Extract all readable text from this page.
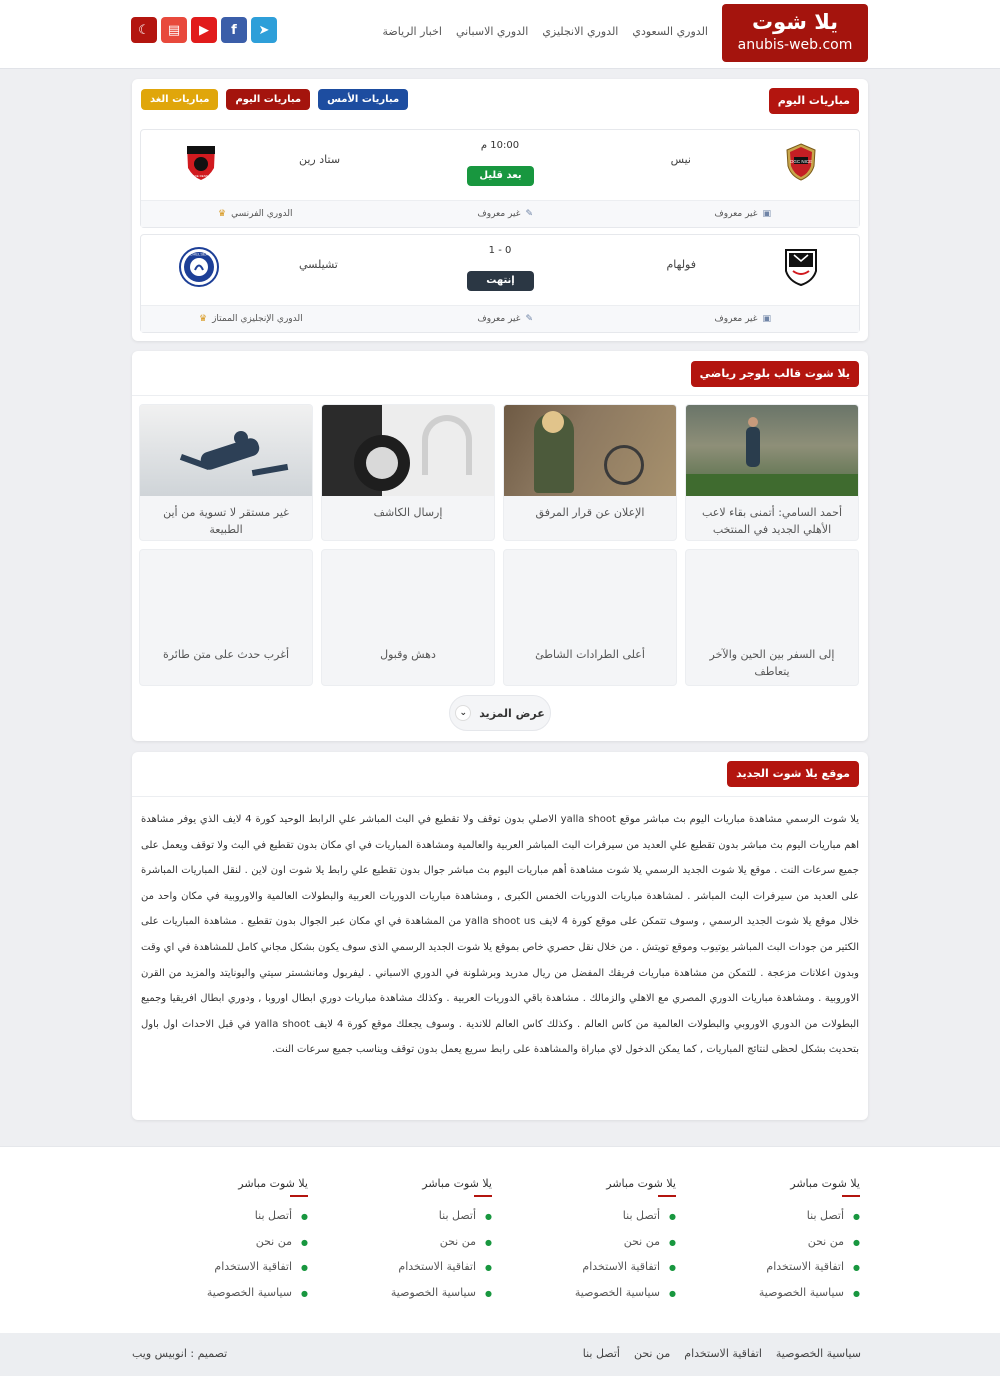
يلا شوت
anubis-web.com
الدوري السعودي
الدوري الانجليزي
الدوري الاسباني
اخبار الرياضة
☾	▤	▶	f	➤
مباريات اليوم
مباريات الغد	مباريات اليوم	مباريات الأمس
OGC NICE
نيس
10:00 م
بعد قليل
ستاد رين
STADE RENNAIS
▣
غير معروف
✎
غير معروف
الدوري الفرنسي
♛
فولهام
0 - 1
إنتهت
تشيلسي
CHELSEA
▣
غير معروف
✎
غير معروف
الدوري الإنجليزي الممتاز
♛
يلا شوت قالب بلوجر رياضي
أحمد السامي: أتمنى بقاء لاعب الأهلي الجديد في المنتخب
الإعلان عن قرار المرفق
إرسال الكاشف
غير مستقر لا تسوية من أين الطبيعة
إلى السفر بين الحين والآخر يتعاطف
أعلى الطرادات الشاطئ
دهش وقبول
أغرب حدث على متن طائرة
عرض المزيد
⌄
موقع يلا شوت الجديد
يلا شوت الرسمي مشاهدة مباريات اليوم بث مباشر موقع yalla shoot الاصلي بدون توقف ولا تقطيع في البث المباشر علي الرابط الوحيد كورة 4 لايف الذي يوفر مشاهدة اهم مباريات اليوم بث مباشر بدون تقطيع علي العديد من سيرفرات البث المباشر العربية والعالمية ومشاهدة المباريات في اي مكان بدون تقطيع في البث ولا توقف ويعمل على جميع سرعات النت . موقع يلا شوت الجديد الرسمي يلا شوت مشاهدة أهم مباريات اليوم بث مباشر جوال بدون تقطيع علي رابط يلا شوت اون لاين . لنقل المباريات المباشرة على العديد من سيرفرات البث المباشر . لمشاهدة مباريات الدوريات الخمس الكبرى , ومشاهدة مباريات الدوريات العربية والبطولات العالمية والاوروبية في مكان واحد من خلال موقع يلا شوت الجديد الرسمي , وسوف تتمكن على موقع كورة 4 لايف yalla shoot us من المشاهدة في اي مكان عبر الجوال بدون تقطيع . مشاهدة المباريات على الكثير من جودات البث المباشر يوتيوب وموقع تويتش . من خلال نقل حصري خاص بموقع يلا شوت الجديد الرسمي الذى سوف يكون بشكل مجاني كامل للمشاهدة في اي وقت وبدون اعلانات مزعجة . للتمكن من مشاهدة مباريات فريقك المفضل من ريال مدريد وبرشلونة في الدوري الاسباني . ليفربول ومانشستر سيتي واليونايتد والمزيد من القرن الاوروبية . ومشاهدة مباريات الدوري المصري مع الاهلي والزمالك . مشاهدة باقي الدوريات العربية . وكذلك مشاهدة مباريات دوري ابطال اوروبا , ودوري ابطال افريقيا وجميع البطولات من الدوري الاوروبي والبطولات العالمية من كاس العالم . وكذلك كاس العالم للاندية . وسوف يجعلك موقع كورة 4 لايف yalla shoot في قبل الاحداث اول باول بتحديث بشكل لحظى لنتائج المباريات , كما يمكن الدخول لاي مباراة والمشاهدة على رابط سريع يعمل بدون توقف ويناسب جميع سرعات النت.
يلا شوت مباشر
●أتصل بنا
●من نحن
●اتفاقية الاستخدام
●سياسية الخصوصية
يلا شوت مباشر
●أتصل بنا
●من نحن
●اتفاقية الاستخدام
●سياسية الخصوصية
يلا شوت مباشر
●أتصل بنا
●من نحن
●اتفاقية الاستخدام
●سياسية الخصوصية
يلا شوت مباشر
●أتصل بنا
●من نحن
●اتفاقية الاستخدام
●سياسية الخصوصية
سياسية الخصوصية
اتفاقية الاستخدام
من نحن
أتصل بنا
تصميم : انوبيس ويب
